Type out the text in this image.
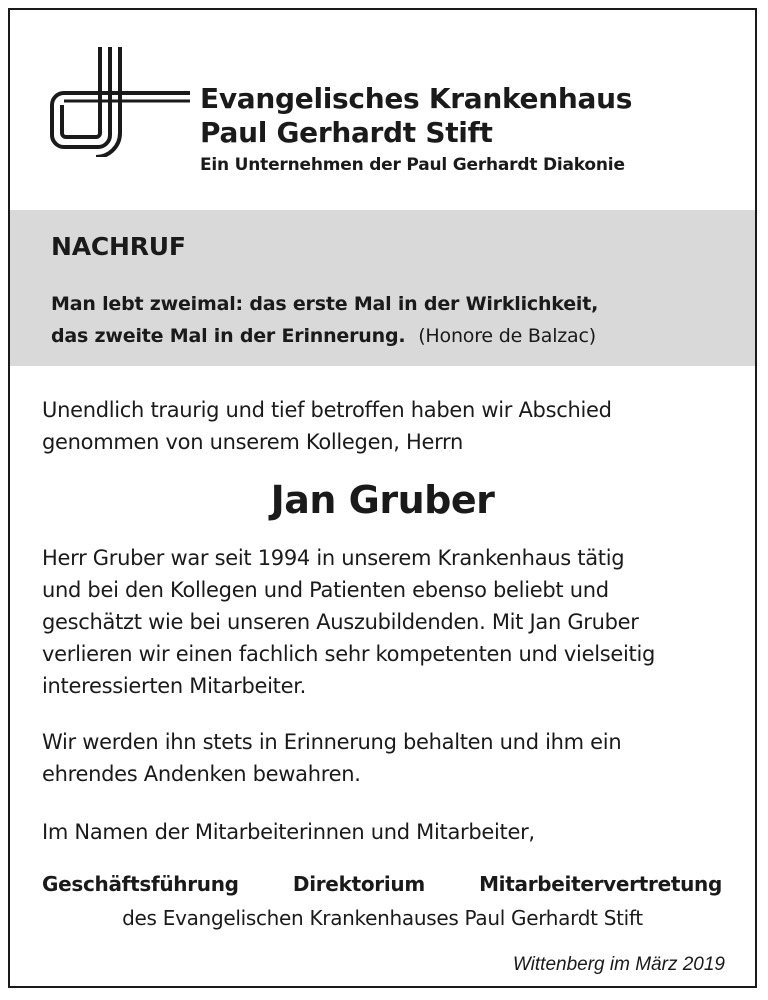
Evangelisches Krankenhaus
Paul Gerhardt Stift
Ein Unternehmen der Paul Gerhardt Diakonie
NACHRUF
Man lebt zweimal: das erste Mal in der Wirklichkeit,
das zweite Mal in der Erinnerung. (Honore de Balzac)
Unendlich traurig und tief betroffen haben wir Abschied
genommen von unserem Kollegen, Herrn
Jan Gruber
Herr Gruber war seit 1994 in unserem Krankenhaus tätig
und bei den Kollegen und Patienten ebenso beliebt und
geschätzt wie bei unseren Auszubildenden. Mit Jan Gruber
verlieren wir einen fachlich sehr kompetenten und vielseitig
interessierten Mitarbeiter.
Wir werden ihn stets in Erinnerung behalten und ihm ein
ehrendes Andenken bewahren.
Im Namen der Mitarbeiterinnen und Mitarbeiter,
Geschäftsführung	Direktorium	Mitarbeitervertretung
des Evangelischen Krankenhauses Paul Gerhardt Stift
Wittenberg im März 2019
